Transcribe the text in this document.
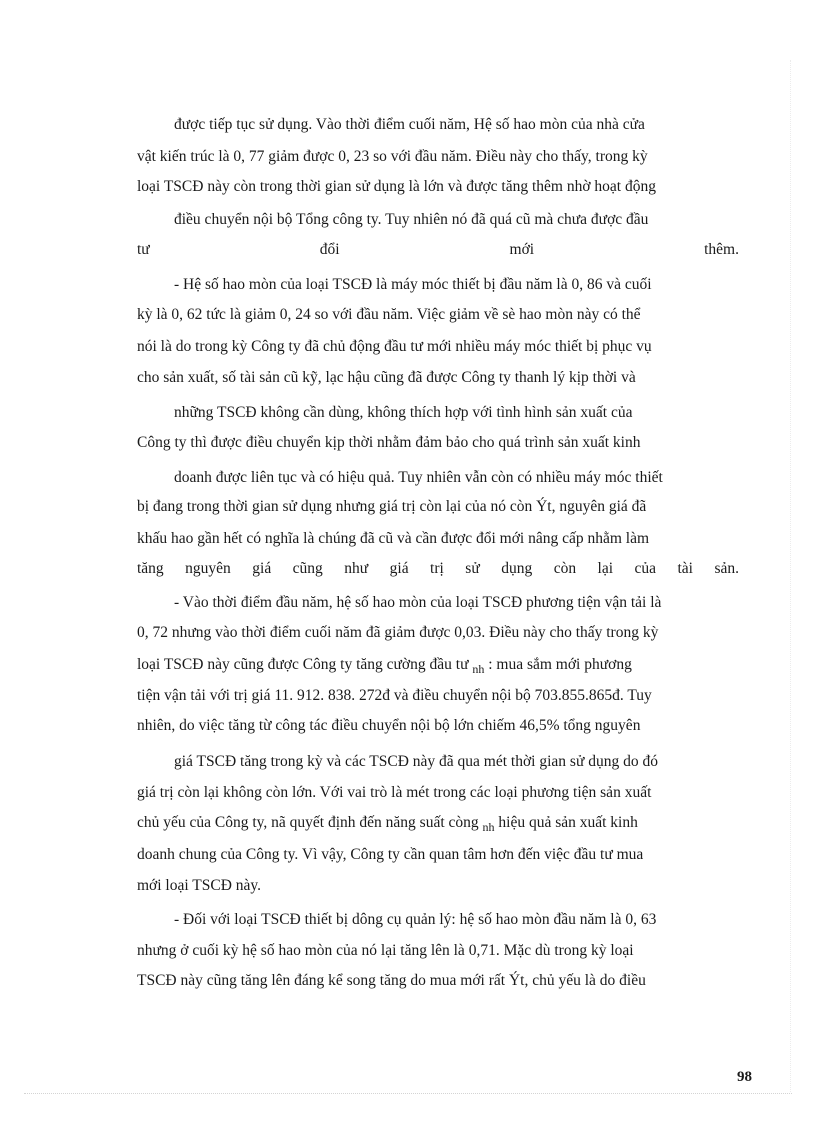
được tiếp tục sử dụng. Vào thời điểm cuối năm, Hệ số hao mòn của nhà cửa
vật kiến trúc là 0, 77 giảm được 0, 23 so với đầu năm. Điều này cho thấy, trong kỳ
loại TSCĐ này còn trong thời gian sử dụng là lớn và được tăng thêm nhờ hoạt động
điều chuyển nội bộ Tổng công ty. Tuy nhiên nó đã quá cũ mà chưa được đầu
tư đổi mới thêm.
- Hệ số hao mòn của loại TSCĐ là máy móc thiết bị đầu năm là 0, 86 và cuối
kỳ là 0, 62 tức là giảm 0, 24 so với đầu năm. Việc giảm về sè hao mòn này có thể
nói là do trong kỳ Công ty đã chủ động đầu tư mới nhiều máy móc thiết bị phục vụ
cho sản xuất, số tài sản cũ kỹ, lạc hậu cũng đã được Công ty thanh lý kịp thời và
những TSCĐ không cần dùng, không thích hợp với tình hình sản xuất của
Công ty thì được điều chuyển kịp thời nhằm đảm bảo cho quá trình sản xuất kinh
doanh được liên tục và có hiệu quả. Tuy nhiên vẫn còn có nhiều máy móc thiết
bị đang trong thời gian sử dụng nhưng giá trị còn lại của nó còn Ýt, nguyên giá đã
khấu hao gần hết có nghĩa là chúng đã cũ và cần được đổi mới nâng cấp nhằm làm
tăng nguyên giá cũng như giá trị sử dụng còn lại của tài sản.
- Vào thời điểm đầu năm, hệ số hao mòn của loại TSCĐ phương tiện vận tải là
0, 72 nhưng vào thời điểm cuối năm đã giảm được 0,03. Điều này cho thấy trong kỳ
loại TSCĐ này cũng được Công ty tăng cường đầu tư $_{nh}$ : mua sắm mới phương
tiện vận tải với trị giá 11. 912. 838. 272đ và điều chuyển nội bộ 703.855.865đ. Tuy
nhiên, do việc tăng từ công tác điều chuyển nội bộ lớn chiếm 46,5% tổng nguyên
giá TSCĐ tăng trong kỳ và các TSCĐ này đã qua mét thời gian sử dụng do đó
giá trị còn lại không còn lớn. Với vai trò là mét trong các loại phương tiện sản xuất
chủ yếu của Công ty, nã quyết định đến năng suất còng $_{nh}$ hiệu quả sản xuất kinh
doanh chung của Công ty. Vì vậy, Công ty cần quan tâm hơn đến việc đầu tư mua
mới loại TSCĐ này.
- Đối với loại TSCĐ thiết bị dông cụ quản lý: hệ số hao mòn đầu năm là 0, 63
nhưng ở cuối kỳ hệ số hao mòn của nó lại tăng lên là 0,71. Mặc dù trong kỳ loại
TSCĐ này cũng tăng lên đáng kể song tăng do mua mới rất Ýt, chủ yếu là do điều
98
